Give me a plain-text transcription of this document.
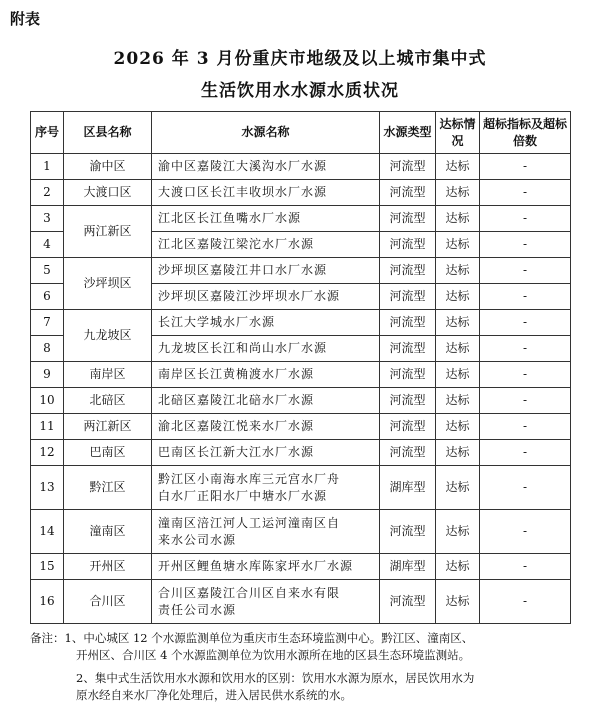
附表
2026 年 3 月份重庆市地级及以上城市集中式
生活饮用水水源水质状况
序号	区县名称	水源名称	水源类型	达标情况	超标指标及超标倍数
1	渝中区	渝中区嘉陵江大溪沟水厂水源	河流型	达标	-
2	大渡口区	大渡口区长江丰收坝水厂水源	河流型	达标	-
3	两江新区	江北区长江鱼嘴水厂水源	河流型	达标	-
4		江北区嘉陵江梁沱水厂水源	河流型	达标	-
5	沙坪坝区	沙坪坝区嘉陵江井口水厂水源	河流型	达标	-
6		沙坪坝区嘉陵江沙坪坝水厂水源	河流型	达标	-
7	九龙坡区	长江大学城水厂水源	河流型	达标	-
8		九龙坡区长江和尚山水厂水源	河流型	达标	-
9	南岸区	南岸区长江黄桷渡水厂水源	河流型	达标	-
10	北碚区	北碚区嘉陵江北碚水厂水源	河流型	达标	-
11	两江新区	渝北区嘉陵江悦来水厂水源	河流型	达标	-
12	巴南区	巴南区长江新大江水厂水源	河流型	达标	-
13	黔江区	黔江区小南海水库三元宫水厂舟
白水厂正阳水厂中塘水厂水源	湖库型	达标	-
14	潼南区	潼南区涪江河人工运河潼南区自
来水公司水源	河流型	达标	-
15	开州区	开州区鲤鱼塘水库陈家坪水厂水源	湖库型	达标	-
16	合川区	合川区嘉陵江合川区自来水有限
责任公司水源	河流型	达标	-

备注：1、中心城区 12 个水源监测单位为重庆市生态环境监测中心。黔江区、潼南区、

开州区、合川区 4 个水源监测单位为饮用水源所在地的区县生态环境监测站。

2、集中式生活饮用水水源和饮用水的区别：饮用水水源为原水，居民饮用水为

原水经自来水厂净化处理后，进入居民供水系统的水。
